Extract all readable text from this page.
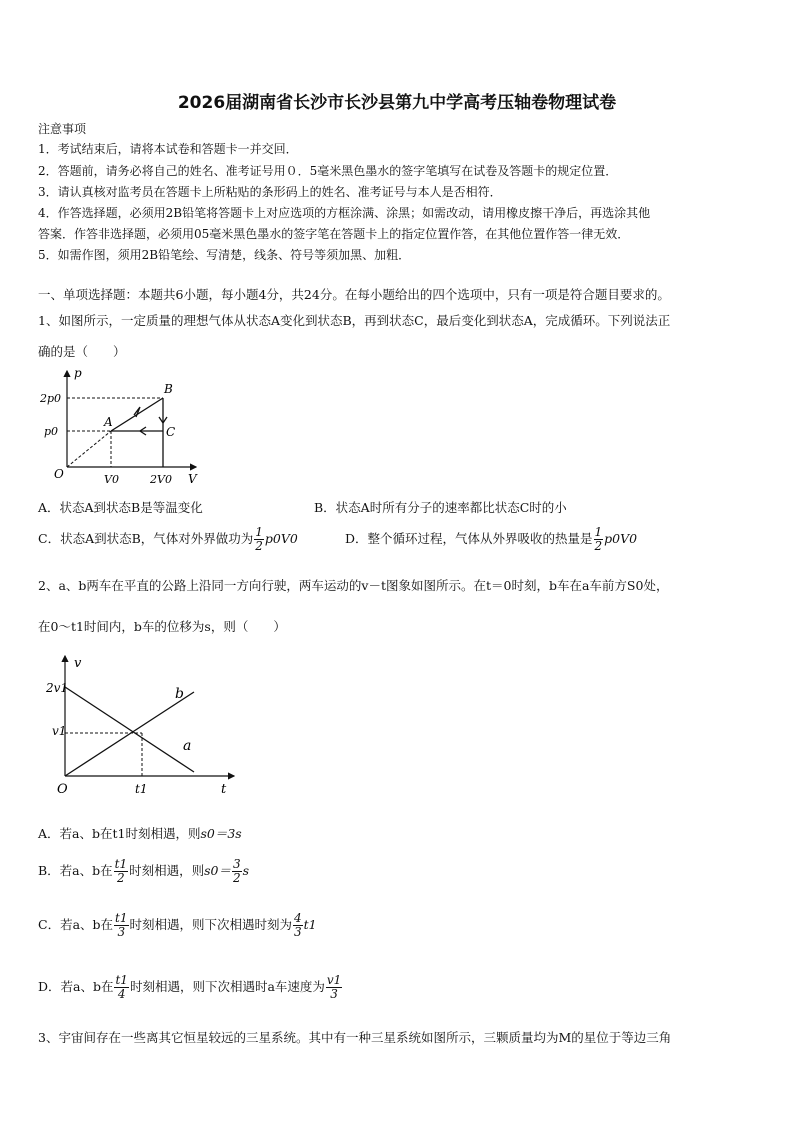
2026届湖南省长沙市长沙县第九中学高考压轴卷物理试卷
注意事项
1．考试结束后，请将本试卷和答题卡一并交回．
2．答题前，请务必将自己的姓名、准考证号用０．5毫米黑色墨水的签字笔填写在试卷及答题卡的规定位置．
3．请认真核对监考员在答题卡上所粘贴的条形码上的姓名、准考证号与本人是否相符．
4．作答选择题，必须用2B铅笔将答题卡上对应选项的方框涂满、涂黑；如需改动，请用橡皮擦干净后，再选涂其他
答案．作答非选择题，必须用05毫米黑色墨水的签字笔在答题卡上的指定位置作答，在其他位置作答一律无效．
5．如需作图，须用2B铅笔绘、写清楚，线条、符号等须加黑、加粗．
一、单项选择题：本题共6小题，每小题4分，共24分。在每小题给出的四个选项中，只有一项是符合题目要求的。
1、如图所示，一定质量的理想气体从状态A变化到状态B，再到状态C，最后变化到状态A，完成循环。下列说法正
确的是（　　）
p
V
O
2p0
p0
V0	2V0
A
B
C
A．状态A到状态B是等温变化	B．状态A时所有分子的速率都比状态C时的小
C．状态A到状态B，气体对外界做功为 $\frac{1}{2} p0V0$	D．整个循环过程，气体从外界吸收的热量是 $\frac{1}{2} p0V0$
2、a、b两车在平直的公路上沿同一方向行驶，两车运动的v－t图象如图所示。在t＝0时刻，b车在a车前方S0处，
在0～t1时间内，b车的位移为s，则（　　）
v
t
O
2v1
v1
t1
b
a
A．若a、b在t1时刻相遇，则s0＝3s
B．若a、b在 $\frac{t1}{2}$ 时刻相遇，则$s0= \frac{3}{2}$ s
C．若a、b在 $\frac{t1}{3}$ 时刻相遇，则下次相遇时刻为 $\frac{4}{3} t1$
D．若a、b在 $\frac{t1}{4}$ 时刻相遇，则下次相遇时a车速度为 $\frac{v1}{3}$
3、宇宙间存在一些离其它恒星较远的三星系统。其中有一种三星系统如图所示，三颗质量均为M的星位于等边三角
